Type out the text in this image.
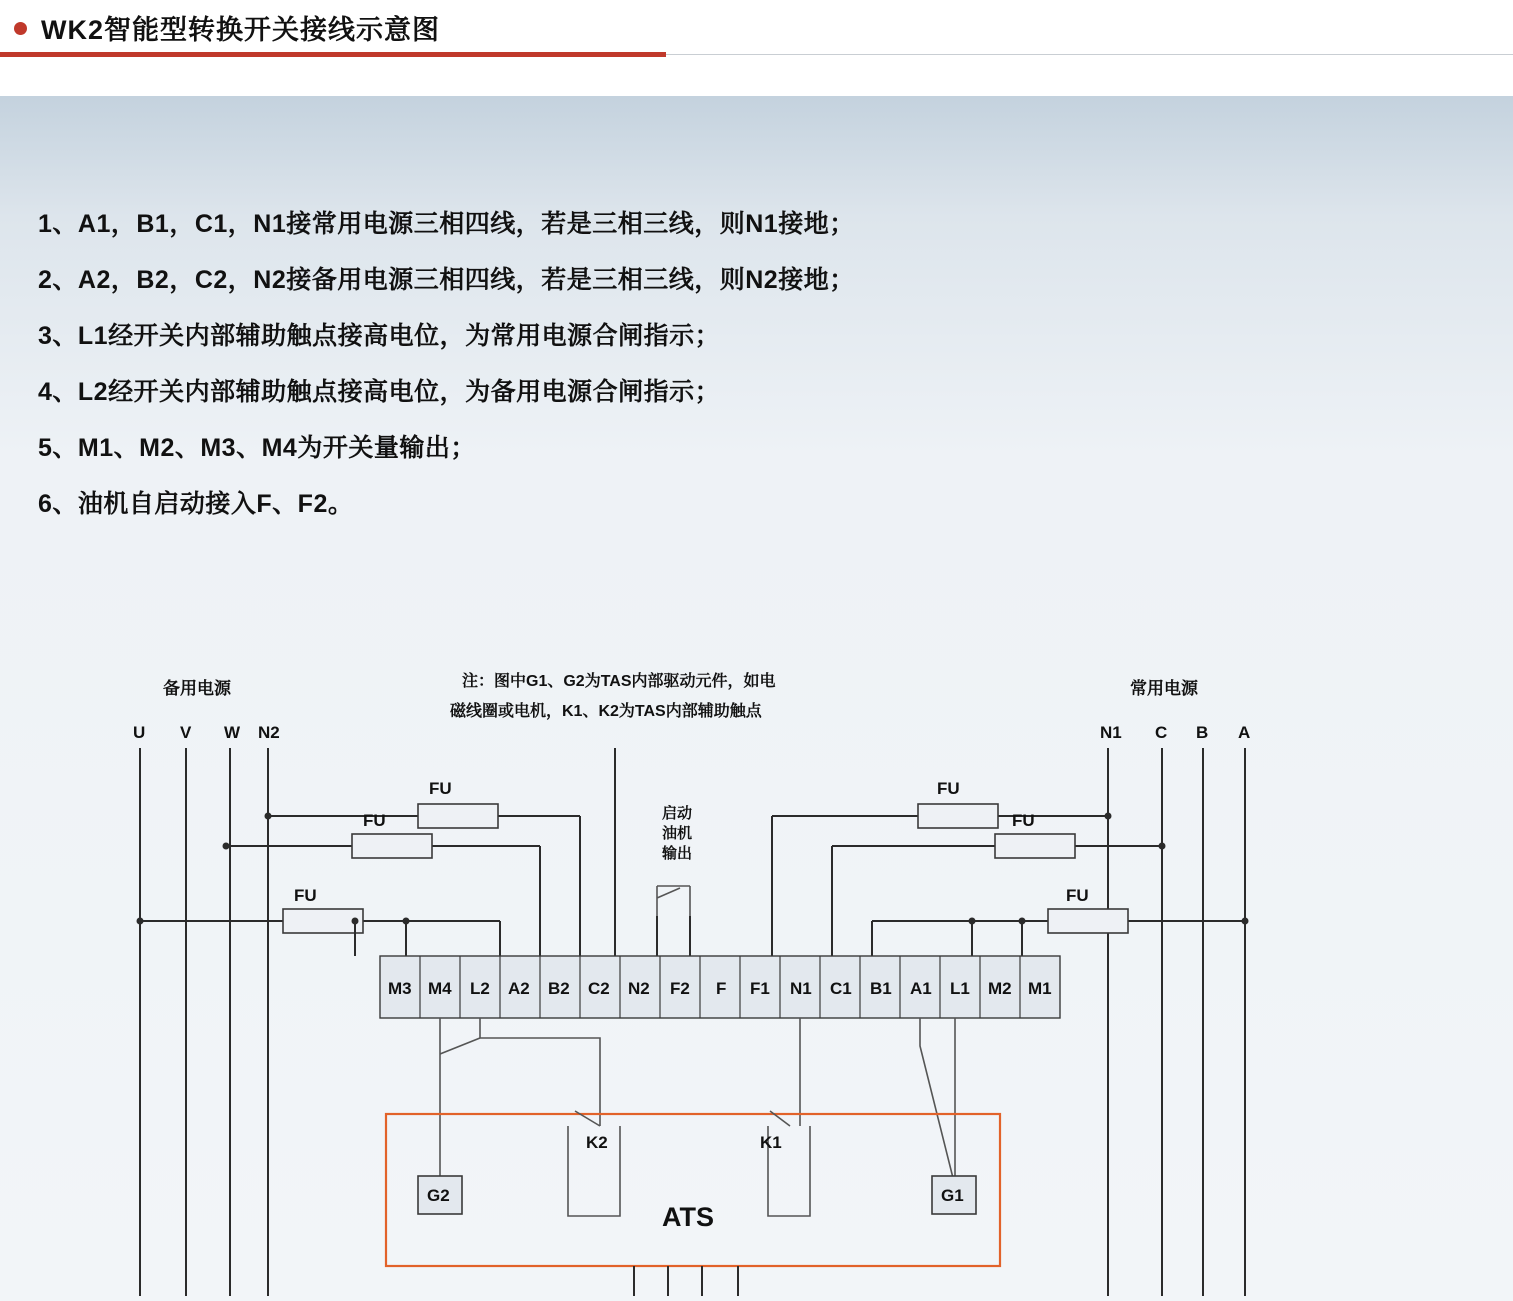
WK2智能型转换开关接线示意图
1、A1，B1，C1，N1接常用电源三相四线，若是三相三线，则N1接地；
2、A2，B2，C2，N2接备用电源三相四线，若是三相三线，则N2接地；
3、L1经开关内部辅助触点接高电位，为常用电源合闸指示；
4、L2经开关内部辅助触点接高电位，为备用电源合闸指示；
5、M1、M2、M3、M4为开关量输出；
6、油机自启动接入F、F2。
注：图中G1、G2为TAS内部驱动元件，如电
磁线圈或电机，K1、K2为TAS内部辅助触点
备用电源	常用电源
U V W N2	N1 C B A
FU
FU
FU
FU
FU
FU
启动
油机
输出
M3 M4 L2 A2 B2 C2 N2 F2 F F1 N1 C1 B1 A1 L1 M2 M1
ATS
K2	K1
G2	G1
